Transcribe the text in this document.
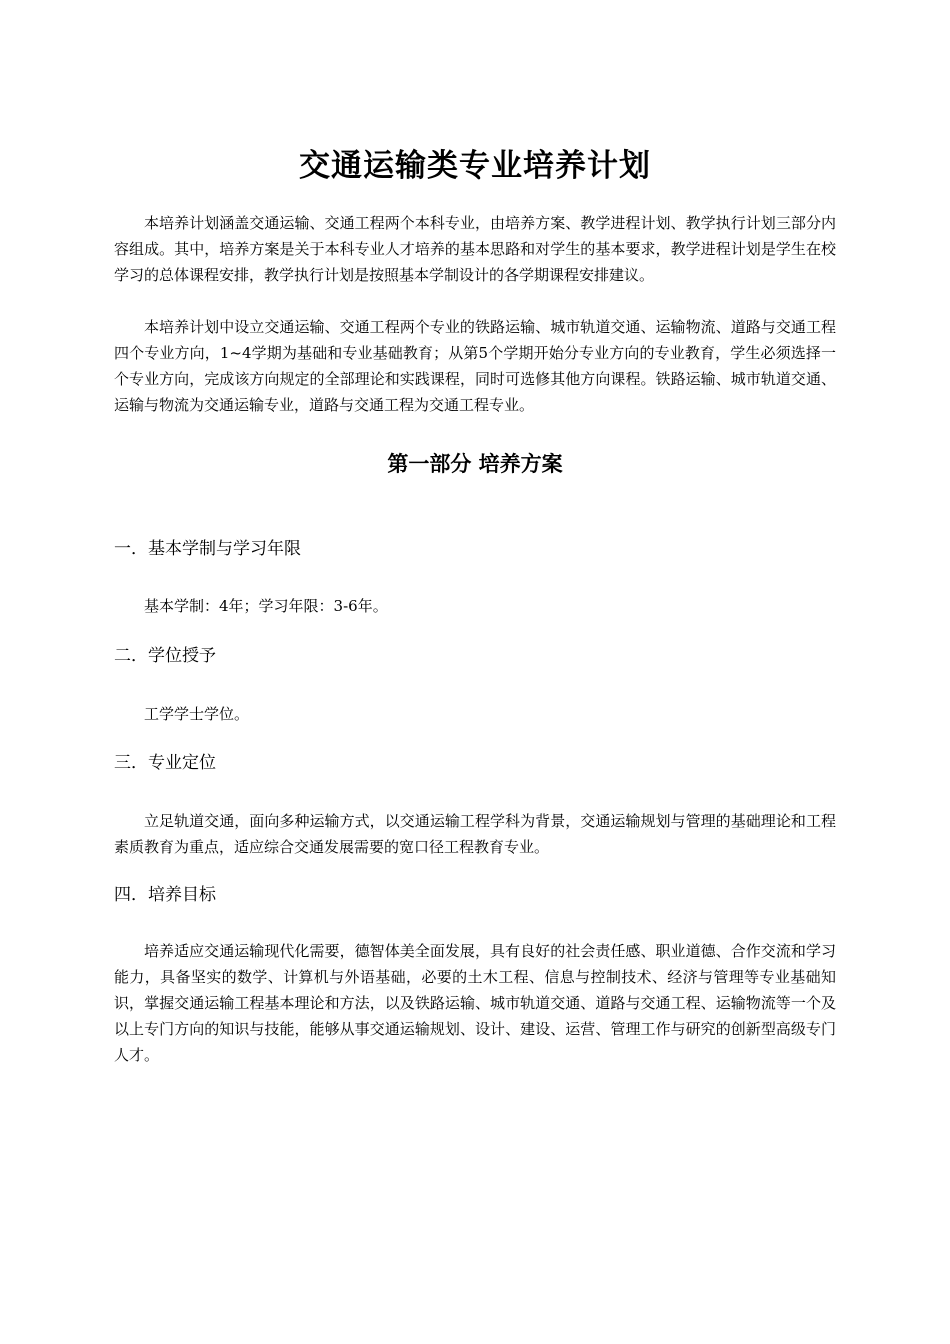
交通运输类专业培养计划

本培养计划涵盖交通运输、交通工程两个本科专业，由培养方案、教学进程计划、教学执行计划三部分内容组成。其中，培养方案是关于本科专业人才培养的基本思路和对学生的基本要求，教学进程计划是学生在校学习的总体课程安排，教学执行计划是按照基本学制设计的各学期课程安排建议。

本培养计划中设立交通运输、交通工程两个专业的铁路运输、城市轨道交通、运输物流、道路与交通工程四个专业方向，1~4学期为基础和专业基础教育；从第5个学期开始分专业方向的专业教育，学生必须选择一个专业方向，完成该方向规定的全部理论和实践课程，同时可选修其他方向课程。铁路运输、城市轨道交通、运输与物流为交通运输专业，道路与交通工程为交通工程专业。

第一部分 培养方案
一．基本学制与学习年限

基本学制：4年；学习年限：3-6年。

二．学位授予

工学学士学位。

三．专业定位

立足轨道交通，面向多种运输方式，以交通运输工程学科为背景，交通运输规划与管理的基础理论和工程素质教育为重点，适应综合交通发展需要的宽口径工程教育专业。

四．培养目标

培养适应交通运输现代化需要，德智体美全面发展，具有良好的社会责任感、职业道德、合作交流和学习能力，具备坚实的数学、计算机与外语基础，必要的土木工程、信息与控制技术、经济与管理等专业基础知识，掌握交通运输工程基本理论和方法，以及铁路运输、城市轨道交通、道路与交通工程、运输物流等一个及以上专门方向的知识与技能，能够从事交通运输规划、设计、建设、运营、管理工作与研究的创新型高级专门人才。
